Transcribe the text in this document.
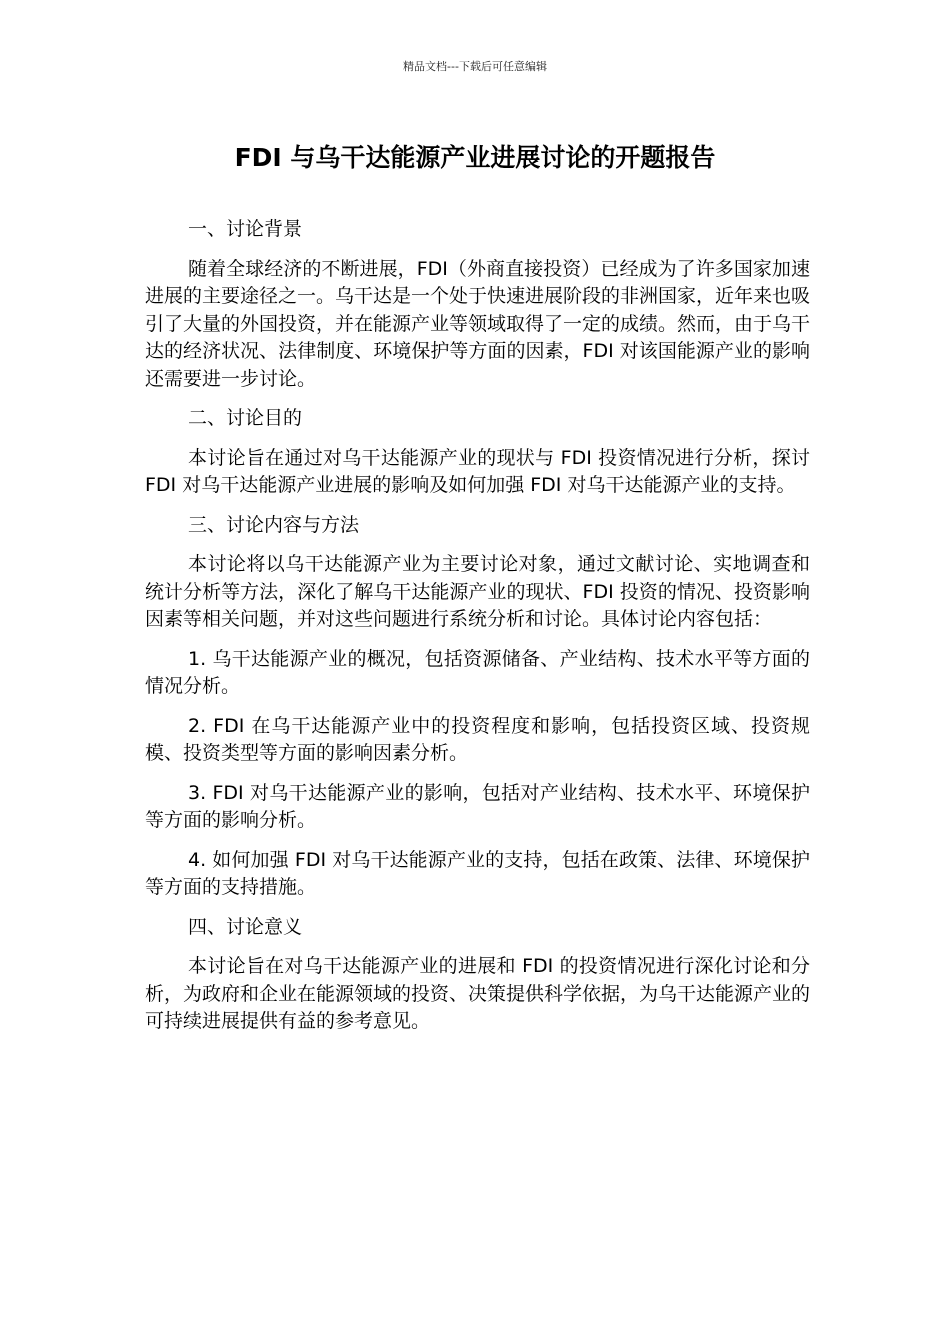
精品文档---下载后可任意编辑
FDI 与乌干达能源产业进展讨论的开题报告
一、讨论背景

随着全球经济的不断进展，FDI（外商直接投资）已经成为了许多国家加速进展的主要途径之一。乌干达是一个处于快速进展阶段的非洲国家，近年来也吸引了大量的外国投资，并在能源产业等领域取得了一定的成绩。然而，由于乌干达的经济状况、法律制度、环境保护等方面的因素，FDI 对该国能源产业的影响还需要进一步讨论。

二、讨论目的

本讨论旨在通过对乌干达能源产业的现状与 FDI 投资情况进行分析，探讨 FDI 对乌干达能源产业进展的影响及如何加强 FDI 对乌干达能源产业的支持。

三、讨论内容与方法

本讨论将以乌干达能源产业为主要讨论对象，通过文献讨论、实地调查和统计分析等方法，深化了解乌干达能源产业的现状、FDI 投资的情况、投资影响因素等相关问题，并对这些问题进行系统分析和讨论。具体讨论内容包括：

1. 乌干达能源产业的概况，包括资源储备、产业结构、技术水平等方面的情况分析。

2. FDI 在乌干达能源产业中的投资程度和影响，包括投资区域、投资规模、投资类型等方面的影响因素分析。

3. FDI 对乌干达能源产业的影响，包括对产业结构、技术水平、环境保护等方面的影响分析。

4. 如何加强 FDI 对乌干达能源产业的支持，包括在政策、法律、环境保护等方面的支持措施。

四、讨论意义

本讨论旨在对乌干达能源产业的进展和 FDI 的投资情况进行深化讨论和分析，为政府和企业在能源领域的投资、决策提供科学依据，为乌干达能源产业的可持续进展提供有益的参考意见。
